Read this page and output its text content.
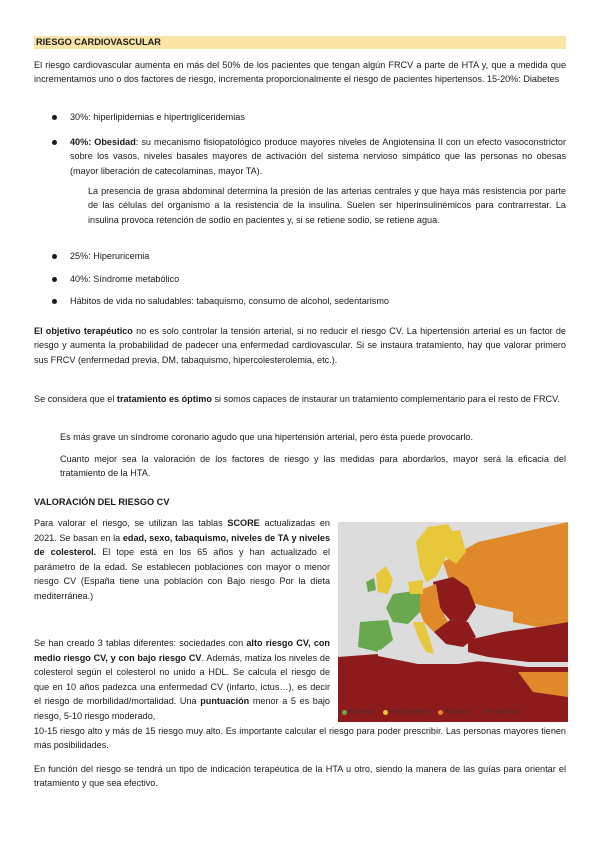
RIESGO CARDIOVASCULAR

El riesgo cardiovascular aumenta en más del 50% de los pacientes que tengan algún FRCV a parte de HTA y, que a medida que incrementamos uno o dos factores de riesgo, incrementa proporcionalmente el riesgo de pacientes hipertensos. 15-20%: Diabetes

30%: hiperlipidemias e hipertrigliceridemias

40%: Obesidad: su mecanismo fisiopatológico produce mayores niveles de Angiotensina II con un efecto vasoconstrictor sobre los vasos, niveles basales mayores de activación del sistema nervioso simpático que las personas no obesas (mayor liberación de catecolaminas, mayor TA).

La presencia de grasa abdominal determina la presión de las arterias centrales y que haya más resistencia por parte de las células del organismo a la resistencia de la insulina. Suelen ser hiperinsulinémicos para contrarrestar. La insulina provoca retención de sodio en pacientes y, si se retiene sodio, se retiene agua.

25%: Hiperuricemia

40%: Síndrome metabólico

Hábitos de vida no saludables: tabaquismo, consumo de alcohol, sedentarismo

El objetivo terapéutico no es solo controlar la tensión arterial, si no reducir el riesgo CV. La hipertensión arterial es un factor de riesgo y aumenta la probabilidad de padecer una enfermedad cardiovascular. Si se instaura tratamiento, hay que valorar primero sus FRCV (enfermedad previa, DM, tabaquismo, hipercolesterolemia, etc.).

Se considera que el tratamiento es óptimo si somos capaces de instaurar un tratamiento complementario para el resto de FRCV.

Es más grave un síndrome coronario agudo que una hipertensión arterial, pero ésta puede provocarlo.

Cuanto mejor sea la valoración de los factores de riesgo y las medidas para abordarlos, mayor será la eficacia del tratamiento de la HTA.

VALORACIÓN DEL RIESGO CV

Para valorar el riesgo, se utilizan las tablas SCORE actualizadas en 2021. Se basan en la edad, sexo, tabaquismo, niveles de TA y niveles de colesterol. El tope está en los 65 años y han actualizado el parámetro de la edad. Se establecen poblaciones con mayor o menor riesgo CV (España tiene una población con Bajo riesgo Por la dieta mediterránea.)

Se han creado 3 tablas diferentes: sociedades con alto riesgo CV, con medio riesgo CV, y con bajo riesgo CV. Además, matiza los niveles de colesterol según el colesterol no unido a HDL. Se calcula el riesgo de que en 10 años padezca una enfermedad CV (infarto, ictus…), es decir el riesgo de morbilidad/mortalidad. Una puntuación menor a 5 es bajo riesgo, 5-10 riesgo moderado,

10-15 riesgo alto y más de 15 riesgo muy alto. Es importante calcular el riesgo para poder prescribir. Las personas mayores tienen más posibilidades.

En función del riesgo se tendrá un tipo de indicación terapéutica de la HTA u otro, siendo la manera de las guías para orientar el tratamiento y que sea efectivo.

Bajo riesgo	Riesgo moderado	Alto riesgo	Muy alto riesgo
